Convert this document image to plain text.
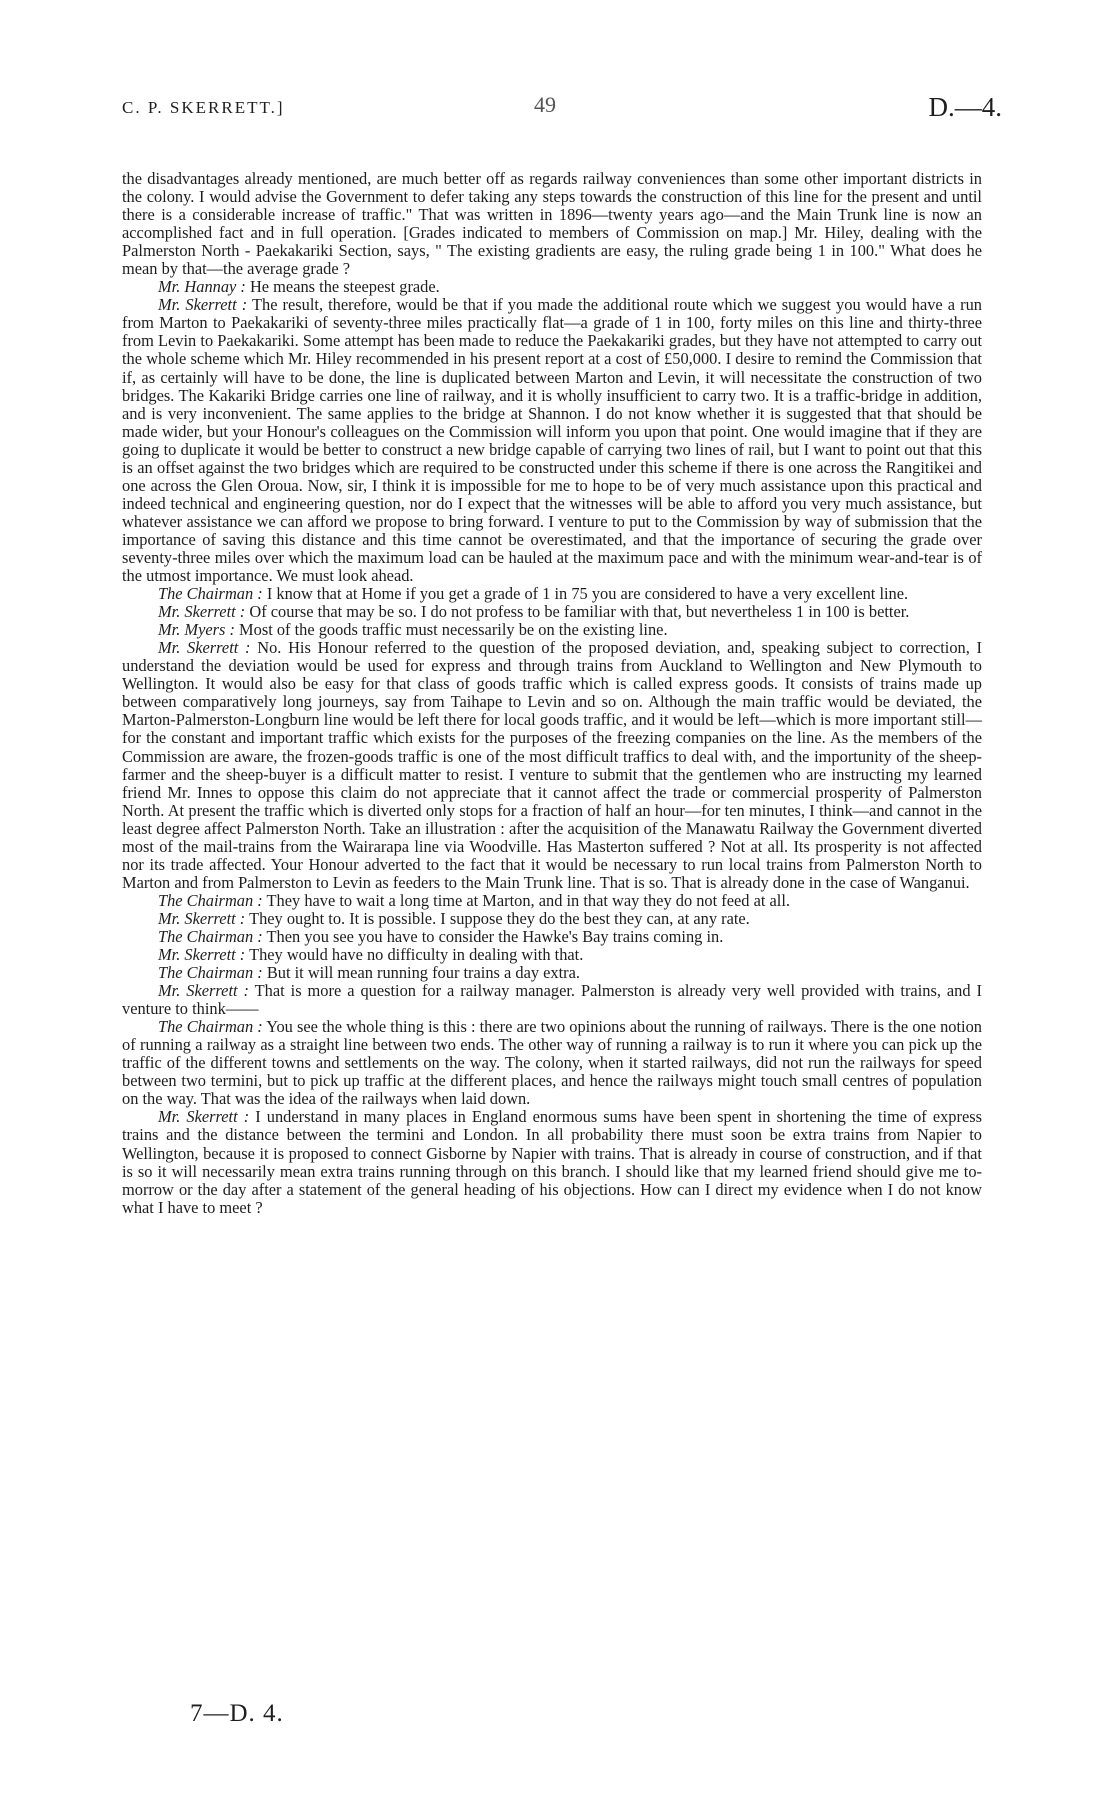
C. P. SKERRETT.]	49	D.—4.

the disadvantages already mentioned, are much better off as regards railway conveniences than some other important districts in the colony. I would advise the Government to defer taking any steps towards the construction of this line for the present and until there is a considerable increase of traffic." That was written in 1896—twenty years ago—and the Main Trunk line is now an accomplished fact and in full operation. [Grades indicated to members of Commission on map.] Mr. Hiley, dealing with the Palmerston North - Paekakariki Section, says, " The existing gradients are easy, the ruling grade being 1 in 100." What does he mean by that—the average grade ?

Mr. Hannay : He means the steepest grade.

Mr. Skerrett : The result, therefore, would be that if you made the additional route which we suggest you would have a run from Marton to Paekakariki of seventy-three miles practically flat—a grade of 1 in 100, forty miles on this line and thirty-three from Levin to Paekakariki. Some attempt has been made to reduce the Paekakariki grades, but they have not attempted to carry out the whole scheme which Mr. Hiley recommended in his present report at a cost of £50,000. I desire to remind the Commission that if, as certainly will have to be done, the line is duplicated between Marton and Levin, it will necessitate the construction of two bridges. The Kakariki Bridge carries one line of railway, and it is wholly insufficient to carry two. It is a traffic-bridge in addition, and is very inconvenient. The same applies to the bridge at Shannon. I do not know whether it is suggested that that should be made wider, but your Honour's colleagues on the Commission will inform you upon that point. One would imagine that if they are going to duplicate it would be better to construct a new bridge capable of carrying two lines of rail, but I want to point out that this is an offset against the two bridges which are required to be constructed under this scheme if there is one across the Rangitikei and one across the Glen Oroua. Now, sir, I think it is impossible for me to hope to be of very much assistance upon this practical and indeed technical and engineering question, nor do I expect that the witnesses will be able to afford you very much assistance, but whatever assistance we can afford we propose to bring forward. I venture to put to the Commission by way of submission that the importance of saving this distance and this time cannot be overestimated, and that the importance of securing the grade over seventy-three miles over which the maximum load can be hauled at the maximum pace and with the minimum wear-and-tear is of the utmost importance. We must look ahead.

The Chairman : I know that at Home if you get a grade of 1 in 75 you are considered to have a very excellent line.

Mr. Skerrett : Of course that may be so. I do not profess to be familiar with that, but nevertheless 1 in 100 is better.

Mr. Myers : Most of the goods traffic must necessarily be on the existing line.

Mr. Skerrett : No. His Honour referred to the question of the proposed deviation, and, speaking subject to correction, I understand the deviation would be used for express and through trains from Auckland to Wellington and New Plymouth to Wellington. It would also be easy for that class of goods traffic which is called express goods. It consists of trains made up between comparatively long journeys, say from Taihape to Levin and so on. Although the main traffic would be deviated, the Marton-Palmerston-Longburn line would be left there for local goods traffic, and it would be left—which is more important still—for the constant and important traffic which exists for the purposes of the freezing companies on the line. As the members of the Commission are aware, the frozen-goods traffic is one of the most difficult traffics to deal with, and the importunity of the sheep-farmer and the sheep-buyer is a difficult matter to resist. I venture to submit that the gentlemen who are instructing my learned friend Mr. Innes to oppose this claim do not appreciate that it cannot affect the trade or commercial prosperity of Palmerston North. At present the traffic which is diverted only stops for a fraction of half an hour—for ten minutes, I think—and cannot in the least degree affect Palmerston North. Take an illustration : after the acquisition of the Manawatu Railway the Government diverted most of the mail-trains from the Wairarapa line via Woodville. Has Masterton suffered ? Not at all. Its prosperity is not affected nor its trade affected. Your Honour adverted to the fact that it would be necessary to run local trains from Palmerston North to Marton and from Palmerston to Levin as feeders to the Main Trunk line. That is so. That is already done in the case of Wanganui.

The Chairman : They have to wait a long time at Marton, and in that way they do not feed at all.

Mr. Skerrett : They ought to. It is possible. I suppose they do the best they can, at any rate.

The Chairman : Then you see you have to consider the Hawke's Bay trains coming in.

Mr. Skerrett : They would have no difficulty in dealing with that.

The Chairman : But it will mean running four trains a day extra.

Mr. Skerrett : That is more a question for a railway manager. Palmerston is already very well provided with trains, and I venture to think——

The Chairman : You see the whole thing is this : there are two opinions about the running of railways. There is the one notion of running a railway as a straight line between two ends. The other way of running a railway is to run it where you can pick up the traffic of the different towns and settlements on the way. The colony, when it started railways, did not run the railways for speed between two termini, but to pick up traffic at the different places, and hence the railways might touch small centres of population on the way. That was the idea of the railways when laid down.

Mr. Skerrett : I understand in many places in England enormous sums have been spent in shortening the time of express trains and the distance between the termini and London. In all probability there must soon be extra trains from Napier to Wellington, because it is proposed to connect Gisborne by Napier with trains. That is already in course of construction, and if that is so it will necessarily mean extra trains running through on this branch. I should like that my learned friend should give me to-morrow or the day after a statement of the general heading of his objections. How can I direct my evidence when I do not know what I have to meet ?

7—D. 4.
